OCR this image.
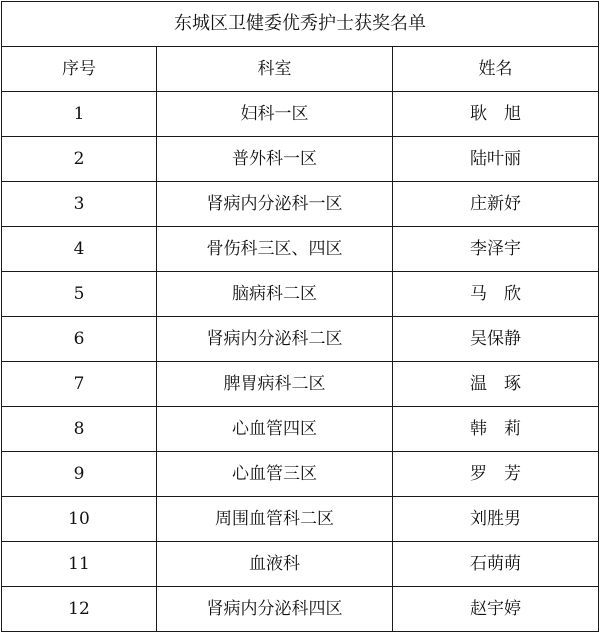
东城区卫健委优秀护士获奖名单		
序号	科室	姓名
1	妇科一区	耿　旭
2	普外科一区	陆叶丽
3	肾病内分泌科一区	庄新妤
4	骨伤科三区、四区	李泽宇
5	脑病科二区	马　欣
6	肾病内分泌科二区	吴保静
7	脾胃病科二区	温　琢
8	心血管四区	韩　莉
9	心血管三区	罗　芳
10	周围血管科二区	刘胜男
11	血液科	石萌萌
12	肾病内分泌科四区	赵宇婷
